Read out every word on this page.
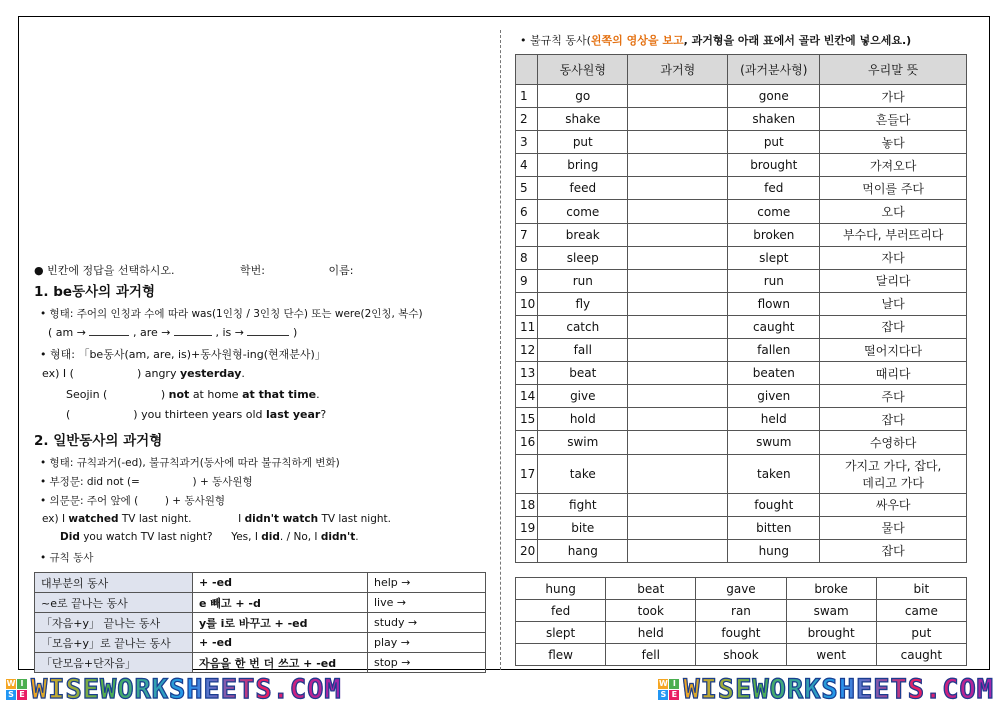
● 빈칸에 정답을 선택하시오.	학번:	이름:
1. be동사의 과거형
• 형태: 주어의 인칭과 수에 따라 was(1인칭 / 3인칭 단수) 또는 were(2인칭, 복수)
( am →	, are →	, is →	)
• 형태: 「be동사(am, are, is)+동사원형-ing(현재분사)」
ex) I (	) angry yesterday.
Seojin (	) not at home at that time.
(	) you thirteen years old last year?
2. 일반동사의 과거형
• 형태: 규칙과거(-ed), 불규칙과거(동사에 따라 불규칙하게 변화)
• 부정문: did not (=	) + 동사원형
• 의문문: 주어 앞에 (	) + 동사원형
ex) I watched TV last night.	I didn't watch TV last night.
Did you watch TV last night? Yes, I did. / No, I didn't.
• 규칙 동사
대부분의 동사	+ -ed	help →
~e로 끝나는 동사	e 빼고 + -d	live →
「자음+y」 끝나는 동사	y를 i로 바꾸고 + -ed	study →
「모음+y」로 끝나는 동사	+ -ed	play →
「단모음+단자음」	자음을 한 번 더 쓰고 + -ed	stop →
• 불규칙 동사(왼쪽의 영상을 보고, 과거형을 아래 표에서 골라 빈칸에 넣으세요.)
	동사원형	과거형	(과거분사형)	우리말 뜻
1	go		gone	가다
2	shake		shaken	흔들다
3	put		put	놓다
4	bring		brought	가져오다
5	feed		fed	먹이를 주다
6	come		come	오다
7	break		broken	부수다, 부러뜨리다
8	sleep		slept	자다
9	run		run	달리다
10	fly		flown	날다
11	catch		caught	잡다
12	fall		fallen	떨어지다다
13	beat		beaten	때리다
14	give		given	주다
15	hold		held	잡다
16	swim		swum	수영하다
17	take		taken	가지고 가다, 잡다,
데리고 가다

18	fight		fought	싸우다
19	bite		bitten	물다
20	hang		hung	잡다
hung	beat	gave	broke	bit
fed	took	ran	swam	came
slept	held	fought	brought	put
flew	fell	shook	went	caught
W I
S E WISEWORKSHEETS.COM	W I
S E WISEWORKSHEETS.COM
